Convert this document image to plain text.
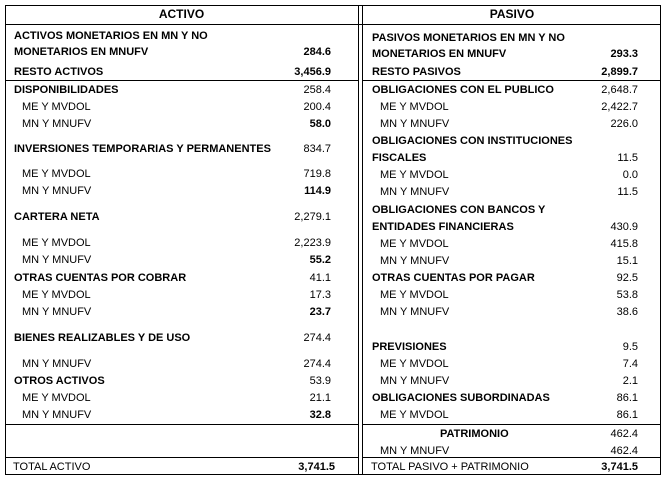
ACTIVO	PASIVO
ACTIVOS MONETARIOS EN MN Y NO
MONETARIOS EN MNUFV	284.6
RESTO ACTIVOS	3,456.9
DISPONIBILIDADES	258.4
ME Y MVDOL	200.4
MN Y MNUFV	58.0
INVERSIONES TEMPORARIAS Y PERMANENTES	834.7
ME Y MVDOL	719.8
MN Y MNUFV	114.9
CARTERA NETA	2,279.1
ME Y MVDOL	2,223.9
MN Y MNUFV	55.2
OTRAS CUENTAS POR COBRAR	41.1
ME Y MVDOL	17.3
MN Y MNUFV	23.7
BIENES REALIZABLES Y DE USO	274.4
MN Y MNUFV	274.4
OTROS ACTIVOS	53.9
ME Y MVDOL	21.1
MN Y MNUFV	32.8
PASIVOS MONETARIOS EN MN Y NO
MONETARIOS EN MNUFV	293.3
RESTO PASIVOS	2,899.7
OBLIGACIONES CON EL PUBLICO	2,648.7
ME Y MVDOL	2,422.7
MN Y MNUFV	226.0
OBLIGACIONES CON INSTITUCIONES
FISCALES	11.5
ME Y MVDOL	0.0
MN Y MNUFV	11.5
OBLIGACIONES CON BANCOS Y
ENTIDADES FINANCIERAS	430.9
ME Y MVDOL	415.8
MN Y MNUFV	15.1
OTRAS CUENTAS POR PAGAR	92.5
ME Y MVDOL	53.8
MN Y MNUFV	38.6
PREVISIONES	9.5
ME Y MVDOL	7.4
MN Y MNUFV	2.1
OBLIGACIONES SUBORDINADAS	86.1
ME Y MVDOL	86.1
PATRIMONIO	462.4
MN Y MNUFV	462.4
TOTAL ACTIVO	3,741.5	TOTAL PASIVO + PATRIMONIO	3,741.5
